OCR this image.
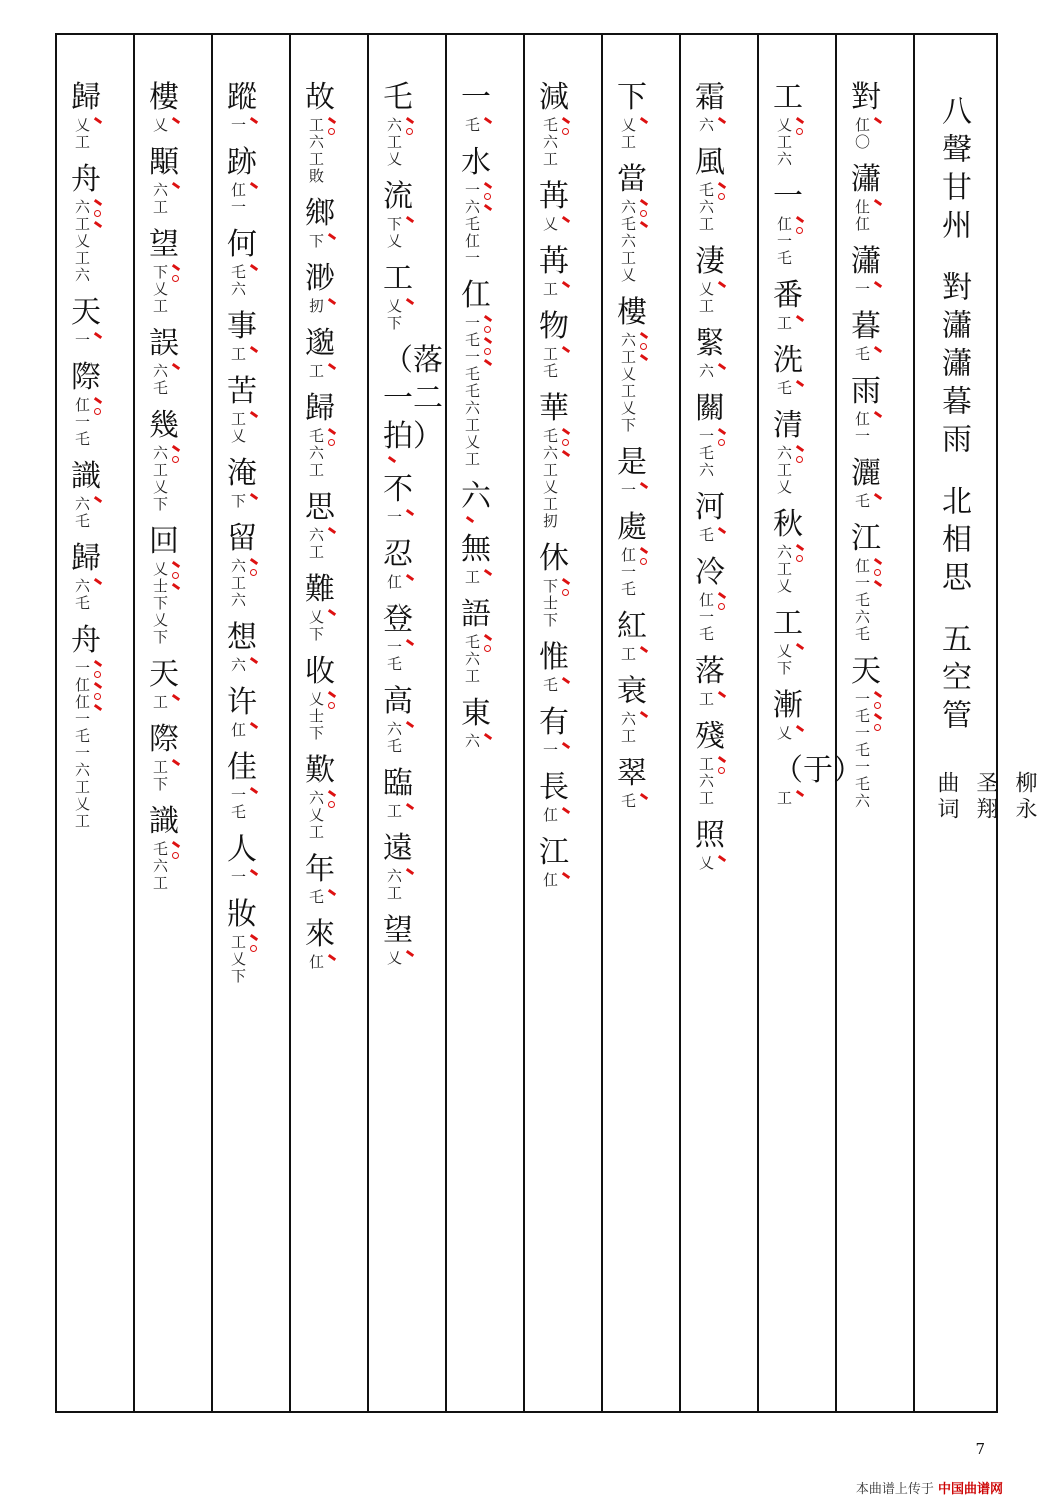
歸
乂工
舟
六工乂工六
天
一
際
仜一乇
識
六乇
歸
六乇
舟
一仜仜一乇一六工乂工
樓
乂
顒
六工
望
下乂工
誤
六乇
幾
六工乂下
回
乂士下乂下
天
工
際
工下
識
乇六工
蹤
一
跡
仜一
何
乇六
事
工
苦
工乂
淹
下
留
六工六
想
六
许
仜
佳
一乇
人
一
妝
工乂下
故
工六工敗
鄉
下
渺
扨
邈
工
歸
乇六工
思
六工
難
乂下
收
乂士下
歎
六乂工
年
乇
來
仜
乇
六工乂
流
下乂
工
乂下
（落一二拍）
不
一
忍
仜
登
一乇
高
六乇
臨
工
遠
六工
望
乂
一
乇
水
一六乇仜一
仜
一乇一乇乇六工乂工
六
無
工
語
乇六工
東
六
減
乇六工
苒
乂
苒
工
物
工乇
華
乇六工乂工扨
休
下士下
惟
乇
有
一
長
仜
江
仜
下
乂工
當
六乇六工乂
樓
六工乂工乂下
是
一
處
仜一乇
紅
工
衰
六工
翠
乇
霜
六
風
乇六工
淒
乂工
緊
六
關
一乇六
河
乇
冷
仜一乇
落
工
殘
工六工
照
乂
工
乂工六
一
仜一乇
番
工
洗
乇
清
六工乂
秋
六工乂
工
乂下
漸
乂
（于）
工
對
仜〇
瀟
仩仜
瀟
一
暮
乇
雨
仜一
灑
乇
江
仜一乇六乇
天
一乇一乇一乇六
八聲甘州
對瀟瀟暮雨
北相思
五空管
柳永
圣翔
曲词
7
本曲谱上传于 中国曲谱网
